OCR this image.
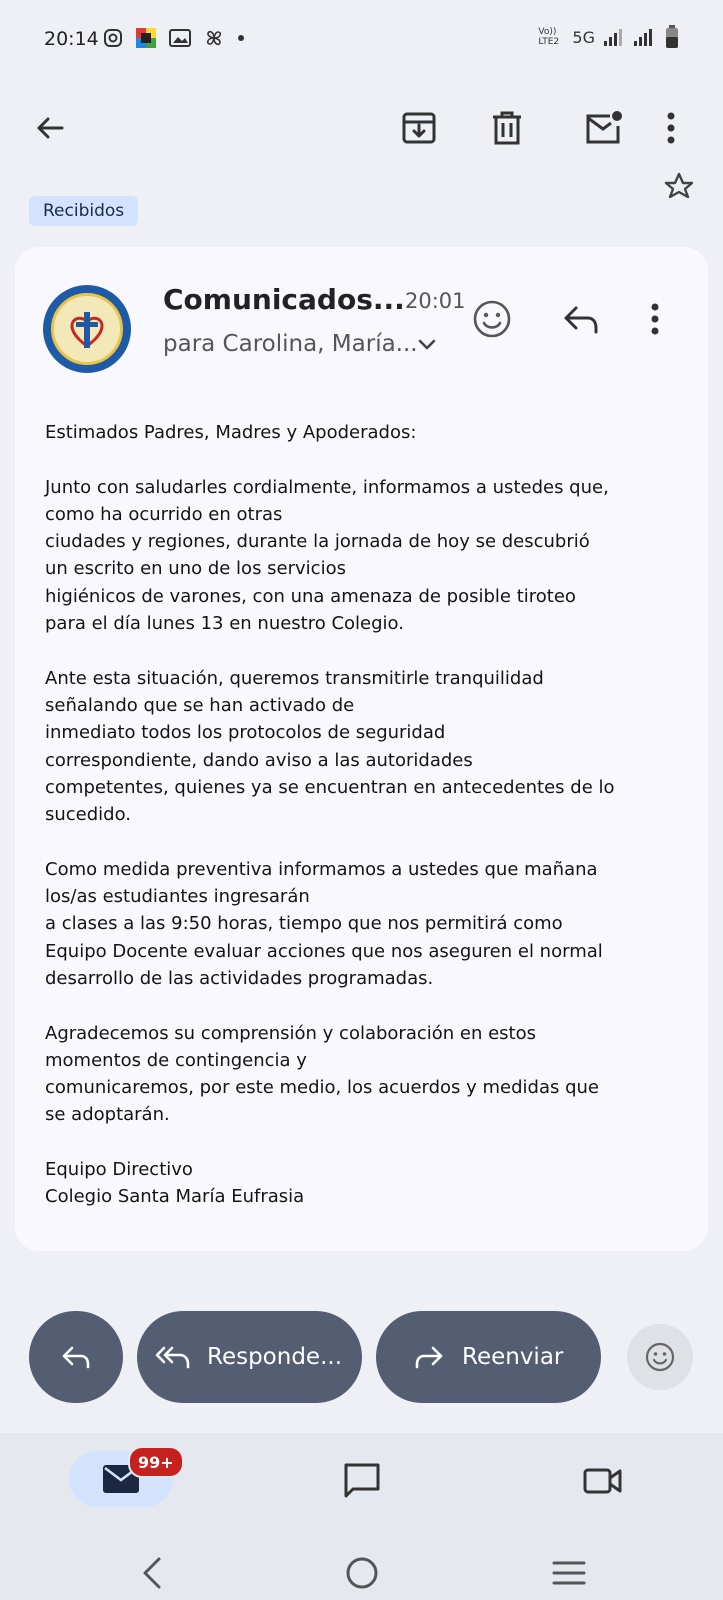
20:14	Vo)) LTE2 5G
Recibidos
Comunicados... 20:01
para Carolina, María...

Estimados Padres, Madres y Apoderados:

Junto con saludarles cordialmente, informamos a ustedes que,
como ha ocurrido en otras
ciudades y regiones, durante la jornada de hoy se descubrió
un escrito en uno de los servicios
higiénicos de varones, con una amenaza de posible tiroteo
para el día lunes 13 en nuestro Colegio.

Ante esta situación, queremos transmitirle tranquilidad
señalando que se han activado de
inmediato todos los protocolos de seguridad
correspondiente, dando aviso a las autoridades
competentes, quienes ya se encuentran en antecedentes de lo
sucedido.

Como medida preventiva informamos a ustedes que mañana
los/as estudiantes ingresarán
a clases a las 9:50 horas, tiempo que nos permitirá como
Equipo Docente evaluar acciones que nos aseguren el normal
desarrollo de las actividades programadas.

Agradecemos su comprensión y colaboración en estos
momentos de contingencia y
comunicaremos, por este medio, los acuerdos y medidas que
se adoptarán.

Equipo Directivo
Colegio Santa María Eufrasia

Responde...	Reenviar
99+
